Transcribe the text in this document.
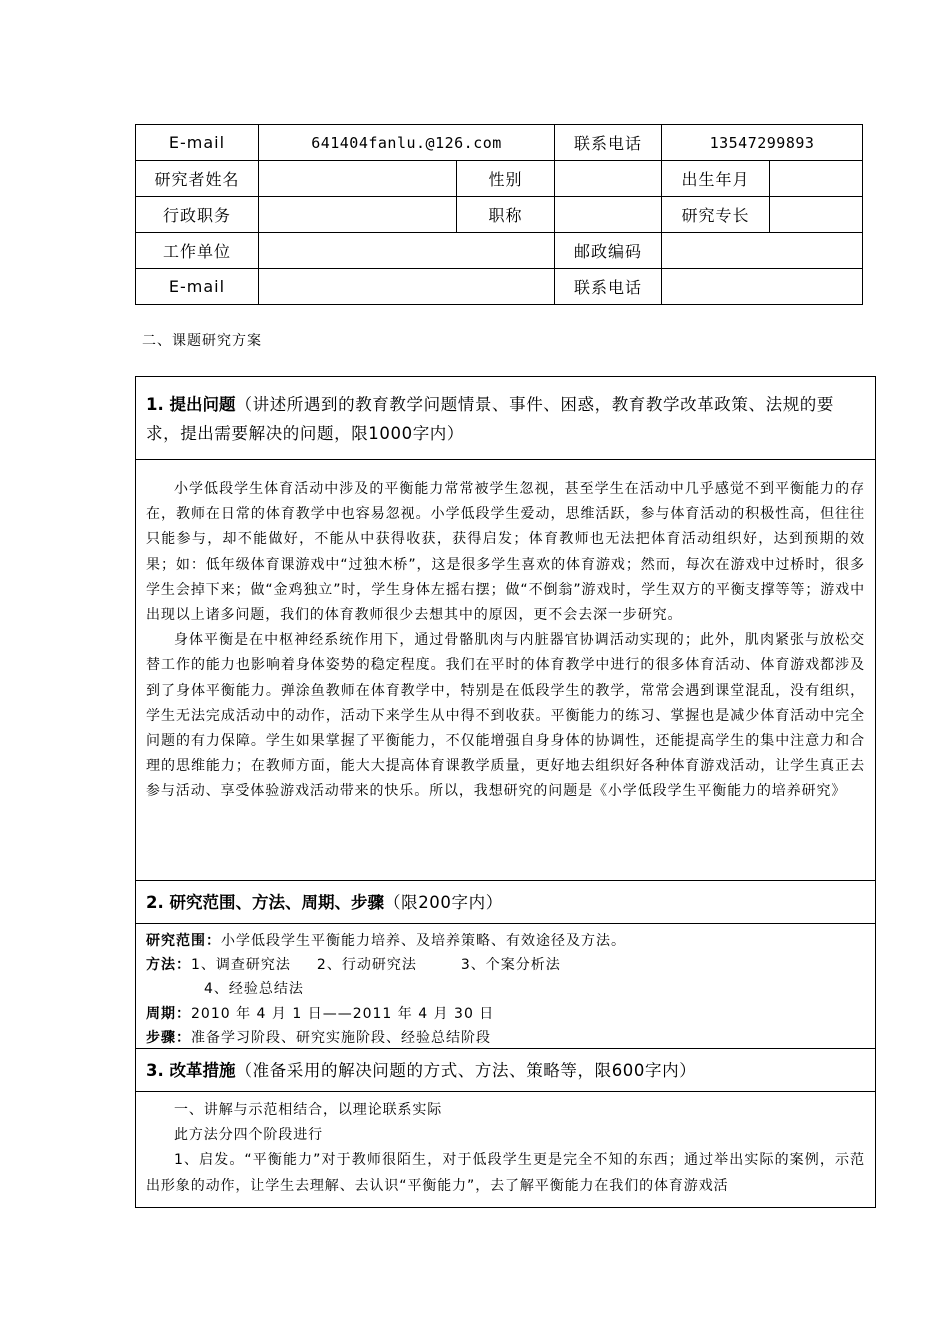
E-mail	641404fanlu.@126.com		联系电话	13547299893
研究者姓名		性别		出生年月

行政职务		职称		研究专长

工作单位			邮政编码	
E-mail			联系电话	
二、课题研究方案
1. 提出问题（讲述所遇到的教育教学问题情景、事件、困惑，教育教学改革政策、法规的要求，提出需要解决的问题，限1000字内）

小学低段学生体育活动中涉及的平衡能力常常被学生忽视，甚至学生在活动中几乎感觉不到平衡能力的存在，教师在日常的体育教学中也容易忽视。小学低段学生爱动，思维活跃，参与体育活动的积极性高，但往往只能参与，却不能做好，不能从中获得收获，获得启发；体育教师也无法把体育活动组织好，达到预期的效果；如：低年级体育课游戏中“过独木桥”，这是很多学生喜欢的体育游戏；然而，每次在游戏中过桥时，很多学生会掉下来；做“金鸡独立”时，学生身体左摇右摆；做“不倒翁”游戏时，学生双方的平衡支撑等等；游戏中出现以上诸多问题，我们的体育教师很少去想其中的原因，更不会去深一步研究。

身体平衡是在中枢神经系统作用下，通过骨骼肌肉与内脏器官协调活动实现的；此外，肌肉紧张与放松交替工作的能力也影响着身体姿势的稳定程度。我们在平时的体育教学中进行的很多体育活动、体育游戏都涉及到了身体平衡能力。弹涂鱼教师在体育教学中，特别是在低段学生的教学，常常会遇到课堂混乱，没有组织，学生无法完成活动中的动作，活动下来学生从中得不到收获。平衡能力的练习、掌握也是减少体育活动中完全问题的有力保障。学生如果掌握了平衡能力，不仅能增强自身身体的协调性，还能提高学生的集中注意力和合理的思维能力；在教师方面，能大大提高体育课教学质量，更好地去组织好各种体育游戏活动，让学生真正去参与活动、享受体验游戏活动带来的快乐。所以，我想研究的问题是《小学低段学生平衡能力的培养研究》

2. 研究范围、方法、周期、步骤（限200字内）
研究范围：小学低段学生平衡能力培养、及培养策略、有效途径及方法。
方法：1、调查研究法 2、行动研究法	3、个案分析法
4、经验总结法
周期：2010 年 4 月 1 日——2011 年 4 月 30 日
步骤：准备学习阶段、研究实施阶段、经验总结阶段
3. 改革措施（准备采用的解决问题的方式、方法、策略等，限600字内）

一、讲解与示范相结合，以理论联系实际

此方法分四个阶段进行

1、启发。“平衡能力”对于教师很陌生，对于低段学生更是完全不知的东西；通过举出实际的案例，示范出形象的动作，让学生去理解、去认识“平衡能力”，去了解平衡能力在我们的体育游戏活
